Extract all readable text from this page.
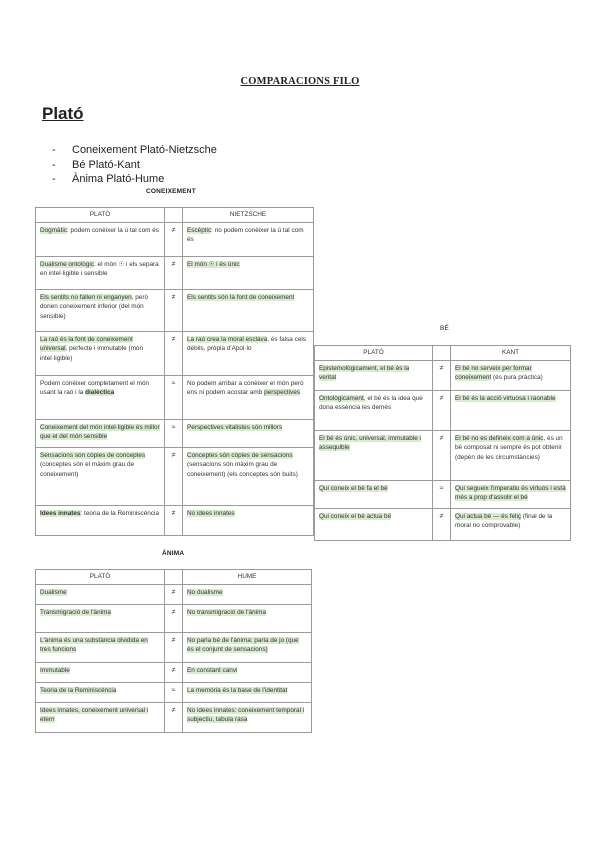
COMPARACIONS FILO
Plató
-	Coneixement Plató-Nietzsche
-	Bé Plató-Kant
-	Ànima Plató-Hume
CONEIXEMENT
PLATÓ		NIETZSCHE
Dogmàtic: podem conèixer la ú tal com és	≠	Escèptic: no podem conèixer la ú tal com és
Dualisme ontològic: el món ☉ i els separa en intel·ligible i sensible	≠	El món ☉ i és únic
Els sentits no fallen ni enganyen, però donen coneixement inferior (del món sensible)	≠	Els sentits són la font de coneixement
La raó és la font de coneixement universal, perfecte i immutable (món intel·ligible)	≠	La raó crea la moral esclava, és falsa cels dèbils, pròpia d'Apol·lo
Podem conèixer completament el món usant la raó i la dialèctica	≈	No podem arribar a conèixer el món però ens ni podem acostar amb perspectives
Coneixement del món intel·ligible és millor que el del món sensible	≈	Perspectives vitalistes són millors
Sensacions són còpies de conceptes (conceptes són el màxim grau de coneixement)	≠	Conceptes són còpies de sensacions (sensacions són màxim grau de coneixement) (els conceptes són buits)
Idees innates: teoria de la Reminiscència	≠	No idees innates
BÉ
PLATÓ		KANT
Epistemològicament, el bé és la veritat	≠	El bé no serveix per formar coneixement (és pura pràctica)
Ontològicament, el bé és la idea que dona essència les demés	≠	El bé és la acció virtuosa i raonable
El bé és únic, universal, immutable i assequible	≠	El bé no es defineix com a únic, és un bé composat ni sempre és pot obtenir (depèn de les circumstàncies)
Qui coneix el bé fa el bé	≈	Qui segueix l'imperatiu és virtuós i està més a prop d'assolir el bé
Qui coneix el bé actua bé	≠	Qui actua bé — és feliç (final de la moral no comprovable)
ÀNIMA
PLATÓ		HUME
Dualisme	≠	No dualisme
Transmigració de l'ànima	≠	No transmigració de l'ànima
L'ànima és una substància dividida en tres funcions	≠	No parla bé de l'ànima: parla de jo (que és el conjunt de sensacions)
Immutable	≠	En constant canvi
Teoria de la Reminiscència	≈	La memòria és la base de l'identitat
Idees innates, coneixement universal i etern	≠	No idees innates: coneixement temporal i subjectiu, tabula rasa
